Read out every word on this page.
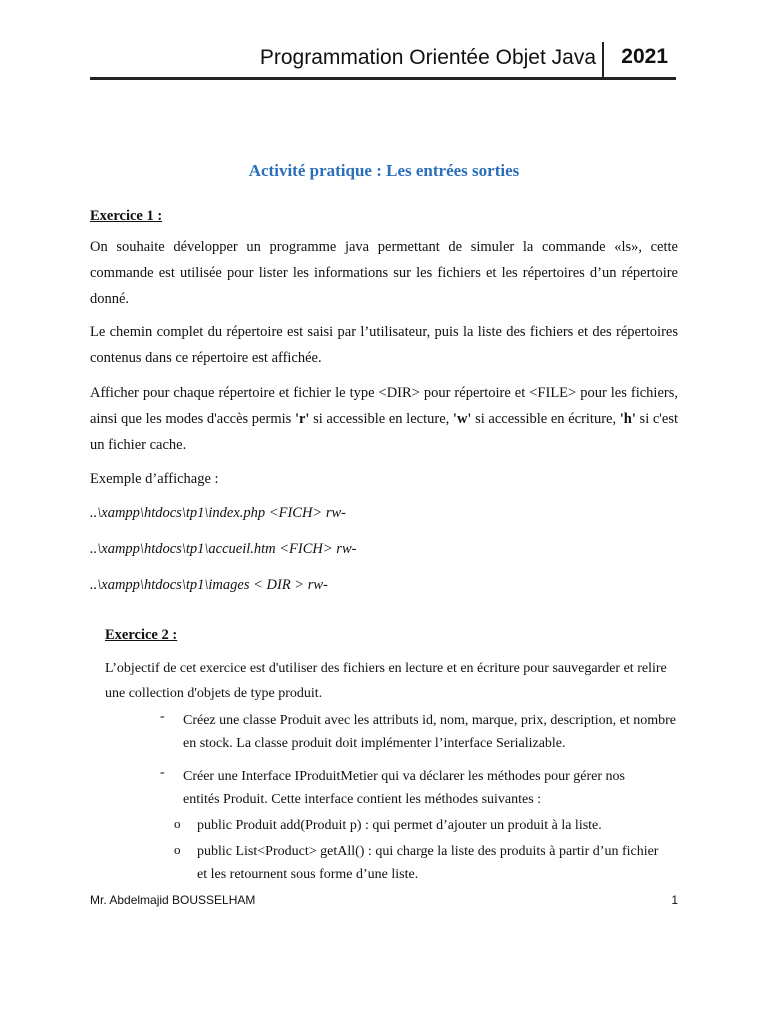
Programmation Orientée Objet Java 2021
Activité pratique : Les entrées sorties
Exercice 1 :

On souhaite développer un programme java permettant de simuler la commande «ls», cette commande est utilisée pour lister les informations sur les fichiers et les répertoires d’un répertoire donné.

Le chemin complet du répertoire est saisi par l’utilisateur, puis la liste des fichiers et des répertoires contenus dans ce répertoire est affichée.

Afficher pour chaque répertoire et fichier le type <DIR> pour répertoire et <FILE> pour les fichiers, ainsi que les modes d'accès permis 'r' si accessible en lecture, 'w' si accessible en écriture, 'h' si c'est un fichier cache.

Exemple d’affichage :
..\xampp\htdocs\tp1\index.php <FICH> rw-
..\xampp\htdocs\tp1\accueil.htm <FICH> rw-
..\xampp\htdocs\tp1\images < DIR > rw-
Exercice 2 :

L’objectif de cet exercice est d'utiliser des fichiers en lecture et en écriture pour sauvegarder et relire une collection d'objets de type produit.

- Créez une classe Produit avec les attributs id, nom, marque, prix, description, et nombre en stock. La classe produit doit implémenter l’interface Serializable.

- Créer une Interface IProduitMetier qui va déclarer les méthodes pour gérer nos entités Produit. Cette interface contient les méthodes suivantes :

o public Produit add(Produit p) : qui permet d’ajouter un produit à la liste.

o public List<Product> getAll() : qui charge la liste des produits à partir d’un fichier et les retournent sous forme d’une liste.

Mr. Abdelmajid BOUSSELHAM	1
